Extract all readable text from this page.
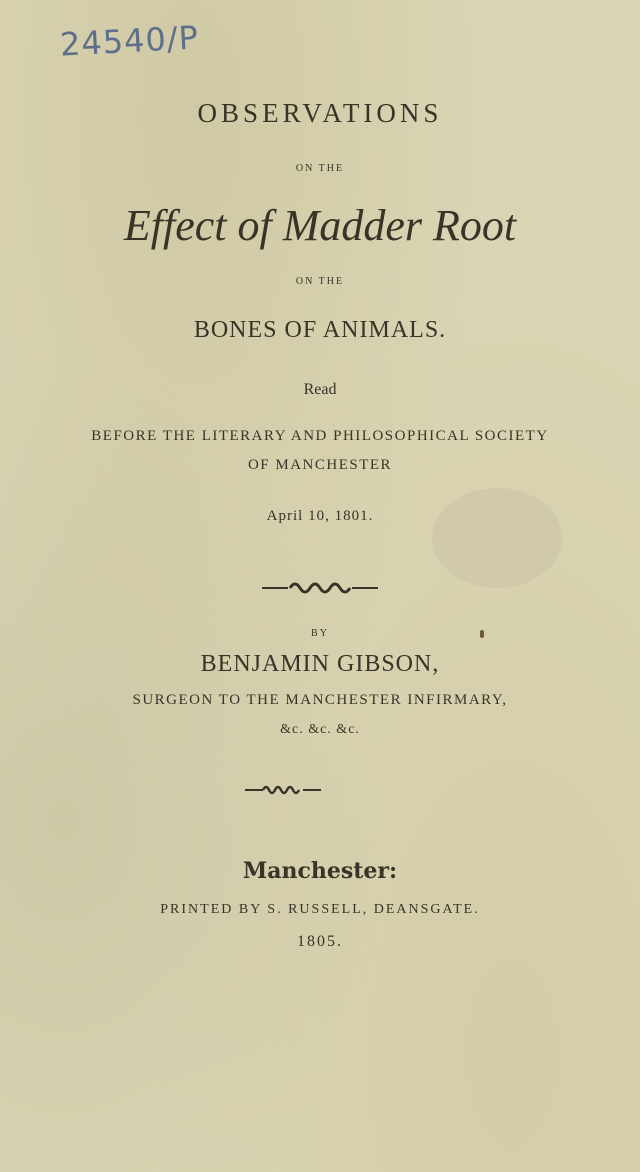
24540/P
OBSERVATIONS
ON THE
Effect of Madder Root
ON THE
BONES OF ANIMALS.
Read
BEFORE THE LITERARY AND PHILOSOPHICAL SOCIETY
OF MANCHESTER
April 10, 1801.
BY
BENJAMIN GIBSON,
SURGEON TO THE MANCHESTER INFIRMARY,
&c. &c. &c.
Manchester:
PRINTED BY S. RUSSELL, DEANSGATE.
1805.
